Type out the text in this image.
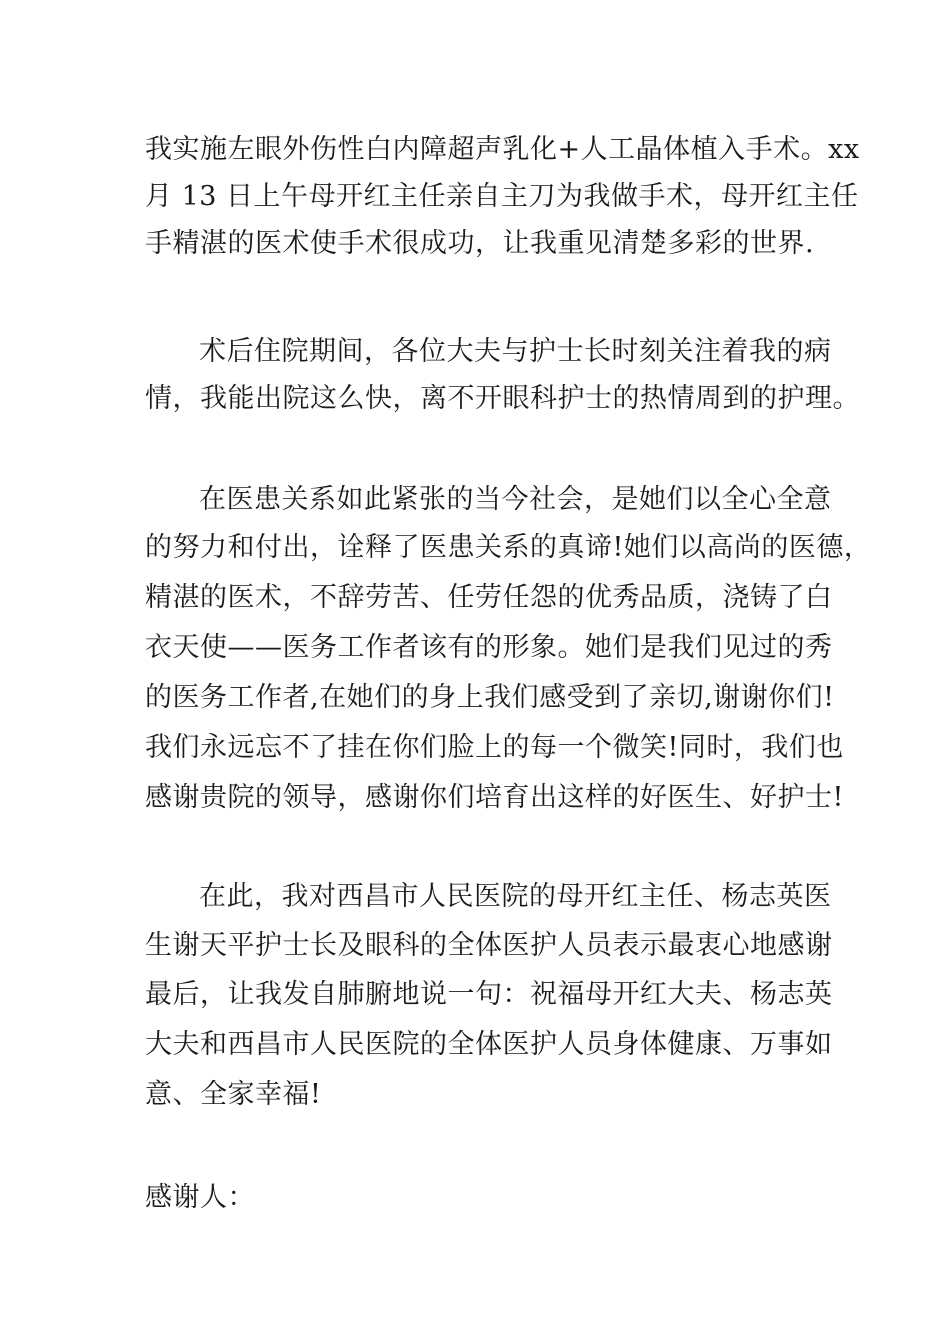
我实施左眼外伤性白内障超声乳化+人工晶体植入手术。xx
月 13 日上午母开红主任亲自主刀为我做手术，母开红主任
手精湛的医术使手术很成功，让我重见清楚多彩的世界.
术后住院期间，各位大夫与护士长时刻关注着我的病
情，我能出院这么快，离不开眼科护士的热情周到的护理。
在医患关系如此紧张的当今社会，是她们以全心全意
的努力和付出，诠释了医患关系的真谛!她们以高尚的医德，
精湛的医术，不辞劳苦、任劳任怨的优秀品质，浇铸了白
衣天使——医务工作者该有的形象。她们是我们见过的秀
的医务工作者,在她们的身上我们感受到了亲切,谢谢你们!
我们永远忘不了挂在你们脸上的每一个微笑!同时，我们也
感谢贵院的领导，感谢你们培育出这样的好医生、好护士!
在此，我对西昌市人民医院的母开红主任、杨志英医
生谢天平护士长及眼科的全体医护人员表示最衷心地感谢
最后，让我发自肺腑地说一句：祝福母开红大夫、杨志英
大夫和西昌市人民医院的全体医护人员身体健康、万事如
意、全家幸福!
感谢人：
